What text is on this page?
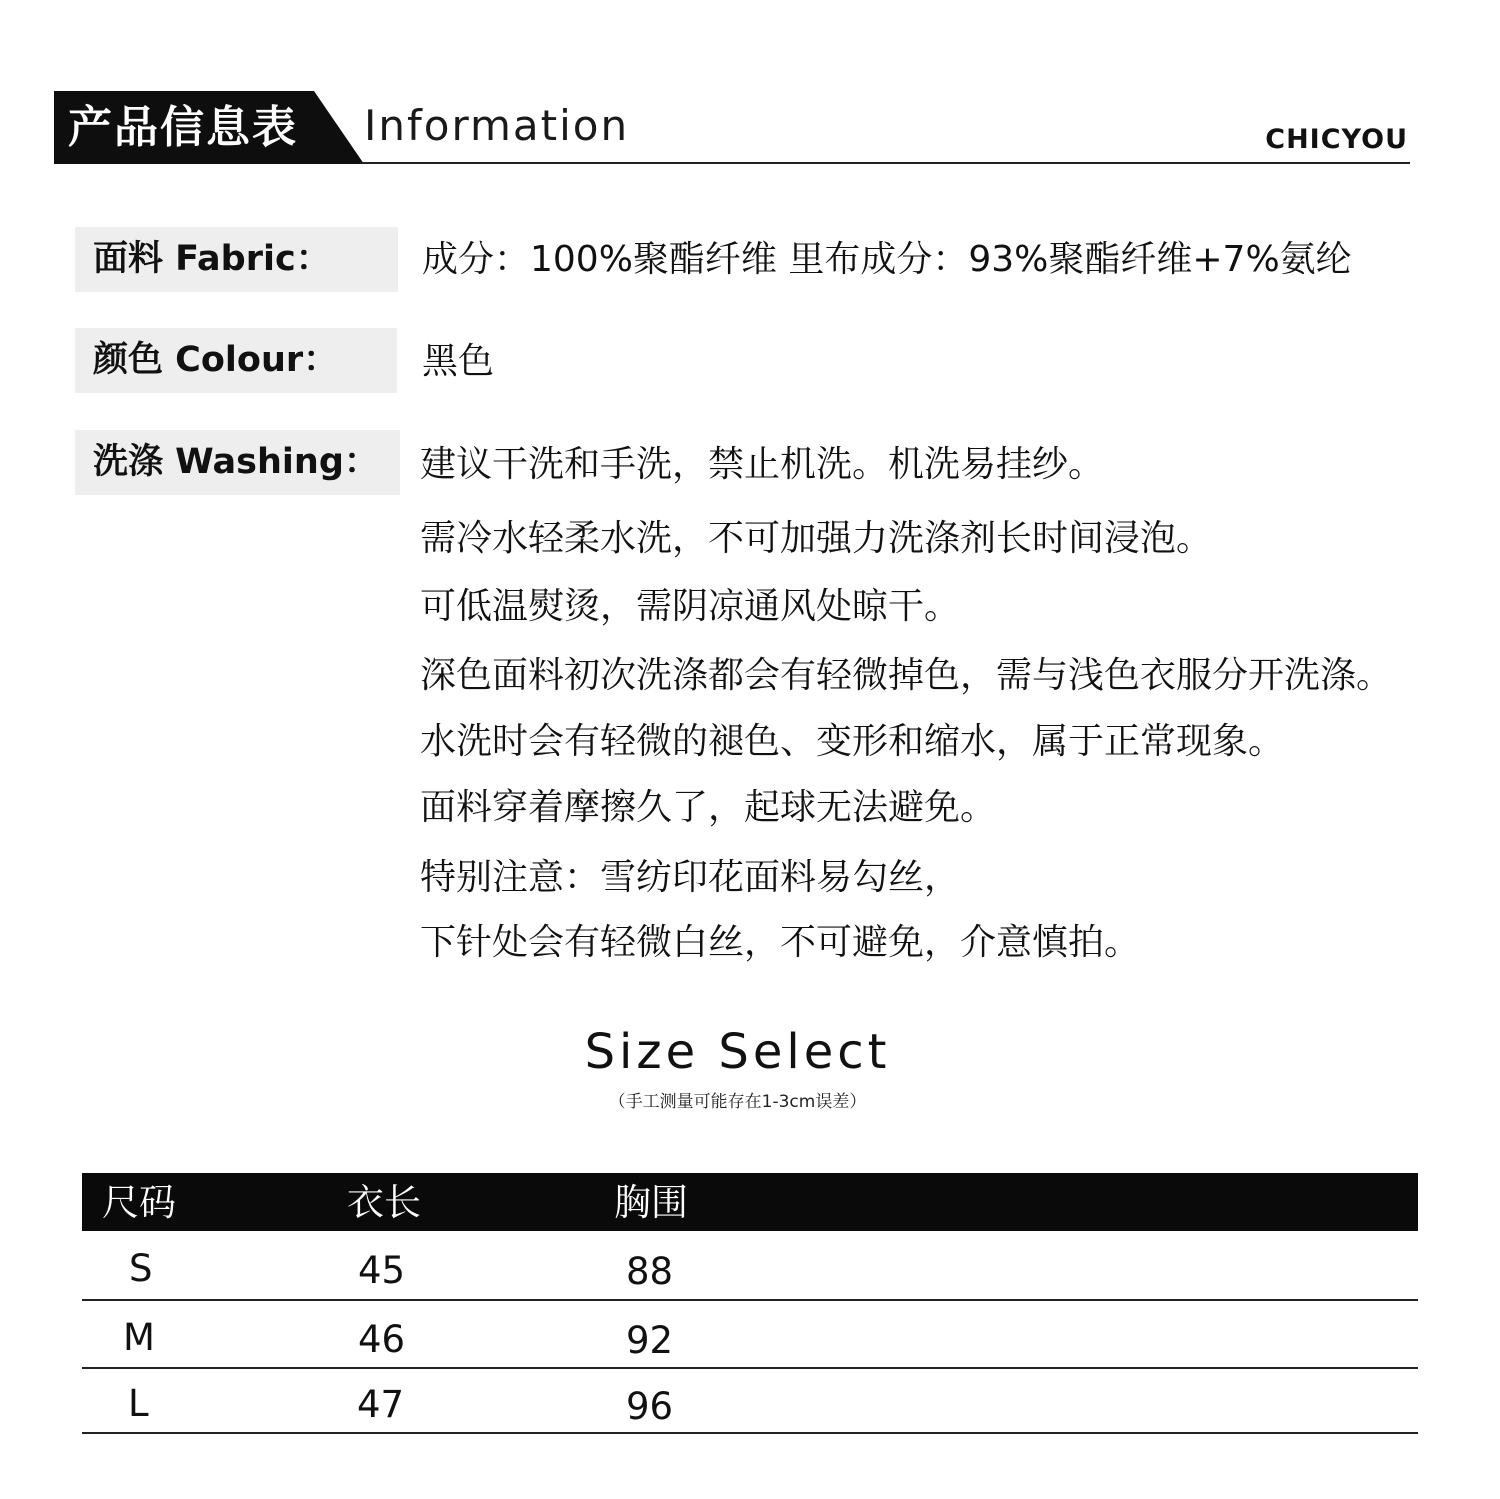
产品信息表 Information	CHICYOU
面料 Fabric：	成分：100%聚酯纤维 里布成分：93%聚酯纤维+7%氨纶
颜色 Colour：	黑色
洗涤 Washing：	建议干洗和手洗，禁止机洗。机洗易挂纱。
需冷水轻柔水洗，不可加强力洗涤剂长时间浸泡。
可低温熨烫，需阴凉通风处晾干。
深色面料初次洗涤都会有轻微掉色，需与浅色衣服分开洗涤。
水洗时会有轻微的褪色、变形和缩水，属于正常现象。
面料穿着摩擦久了，起球无法避免。
特别注意：雪纺印花面料易勾丝，
下针处会有轻微白丝，不可避免，介意慎拍。
Size Select
（手工测量可能存在1-3cm误差）
尺码	衣长	胸围
S	45	88
M	46	92
L	47	96
